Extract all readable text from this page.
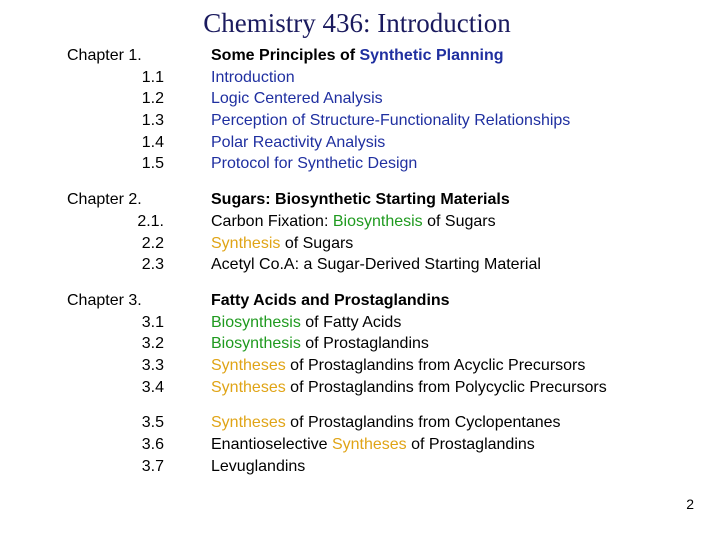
Chemistry 436: Introduction
Chapter 1.	Some Principles of Synthetic Planning
1.1	Introduction
1.2	Logic Centered Analysis
1.3	Perception of Structure-Functionality Relationships
1.4	Polar Reactivity Analysis
1.5	Protocol for Synthetic Design
Chapter 2.	Sugars: Biosynthetic Starting Materials
2.1.	Carbon Fixation: Biosynthesis of Sugars
2.2	Synthesis of Sugars
2.3	Acetyl Co.A: a Sugar-Derived Starting Material
Chapter 3.	Fatty Acids and Prostaglandins
3.1	Biosynthesis of Fatty Acids
3.2	Biosynthesis of Prostaglandins
3.3	Syntheses of Prostaglandins from Acyclic Precursors
3.4	Syntheses of Prostaglandins from Polycyclic Precursors
3.5	Syntheses of Prostaglandins from Cyclopentanes
3.6	Enantioselective Syntheses of Prostaglandins
3.7	Levuglandins
2
